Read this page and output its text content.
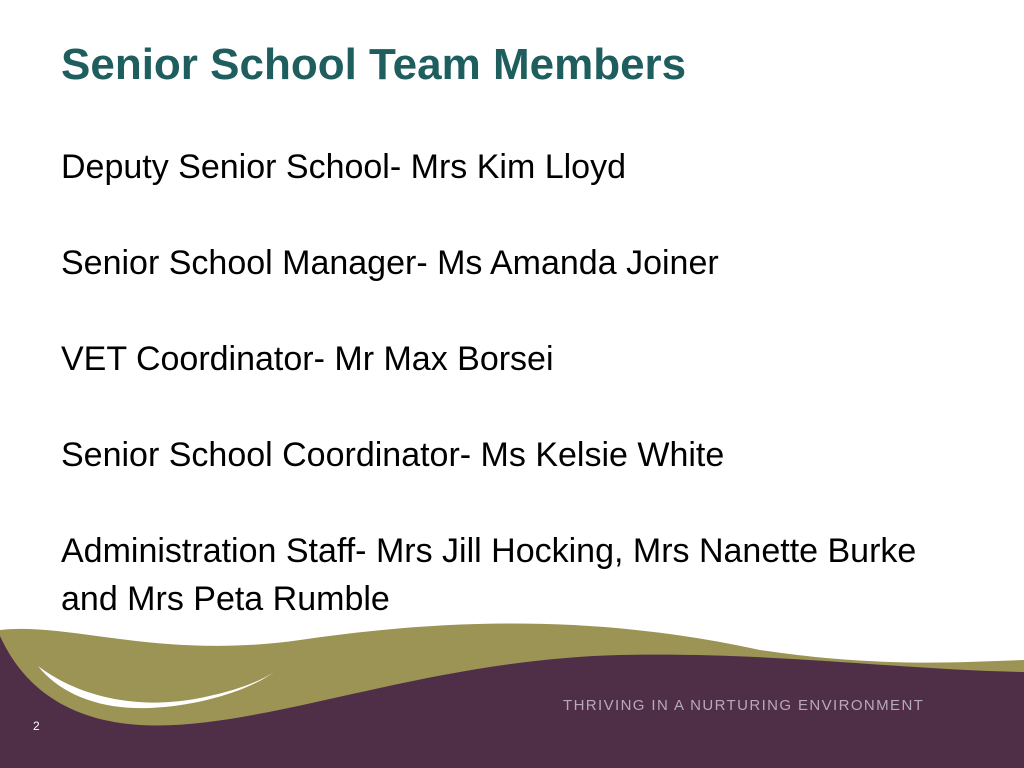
Senior School Team Members
Deputy Senior School- Mrs Kim Lloyd
Senior School Manager- Ms Amanda Joiner
VET Coordinator- Mr Max Borsei
Senior School Coordinator- Ms Kelsie White
Administration Staff- Mrs Jill Hocking, Mrs Nanette Burke and Mrs Peta Rumble
THRIVING IN A NURTURING ENVIRONMENT
2
